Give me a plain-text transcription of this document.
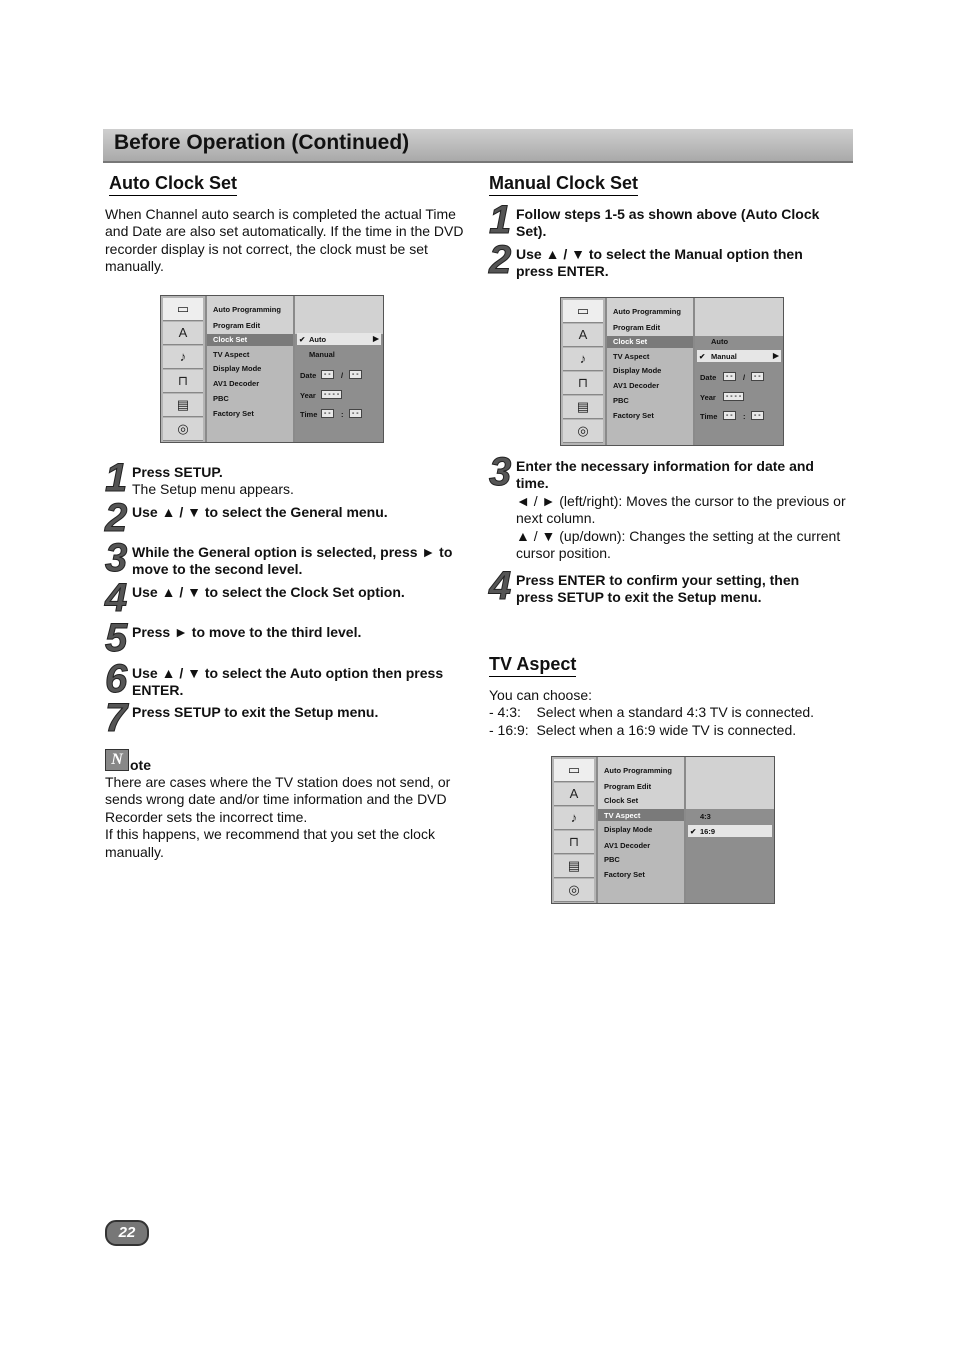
Before Operation (Continued)
Auto Clock Set
When Channel auto search is completed the actual Time and Date are also set automatically. If the time in the DVD recorder display is not correct, the clock must be set manually.
▭
A
♪
⊓
▤
◎
Auto Programming
Program Edit
Clock Set
TV Aspect
Display Mode
AV1 Decoder
PBC
Factory Set
✔ Auto	▶
Manual
Date	- -	/	- -
Year	- - - -
Time - -	:	- -
1 Press SETUP.
The Setup menu appears.
2 Use ▲ / ▼ to select the General menu.
3 While the General option is selected, press ► to move to the second level.
4 Use ▲ / ▼ to select the Clock Set option.
5 Press ► to move to the third level.
6 Use ▲ / ▼ to select the Auto option then press ENTER.
7 Press SETUP to exit the Setup menu.
N ote
There are cases where the TV station does not send, or sends wrong date and/or time information and the DVD Recorder sets the incorrect time.
If this happens, we recommend that you set the clock manually.
Manual Clock Set
1 Follow steps 1-5 as shown above (Auto Clock Set).
2 Use ▲ / ▼ to select the Manual option then press ENTER.
▭
A
♪
⊓
▤
◎
Auto Programming
Program Edit
Clock Set
TV Aspect
Display Mode
AV1 Decoder
PBC
Factory Set
Auto
✔ Manual	▶
Date	- -	/	- -
Year	- - - -
Time	- -	:	- -
3 Enter the necessary information for date and time.
◄ / ► (left/right): Moves the cursor to the previous or next column.
▲ / ▼ (up/down): Changes the setting at the current cursor position.
4 Press ENTER to confirm your setting, then press SETUP to exit the Setup menu.
TV Aspect
You can choose:
- 4:3:    Select when a standard 4:3 TV is connected.
- 16:9:  Select when a 16:9 wide TV is connected.
▭
A
♪
⊓
▤
◎
Auto Programming
Program Edit
Clock Set
TV Aspect
Display Mode
AV1 Decoder
PBC
Factory Set
4:3
✔ 16:9
22
